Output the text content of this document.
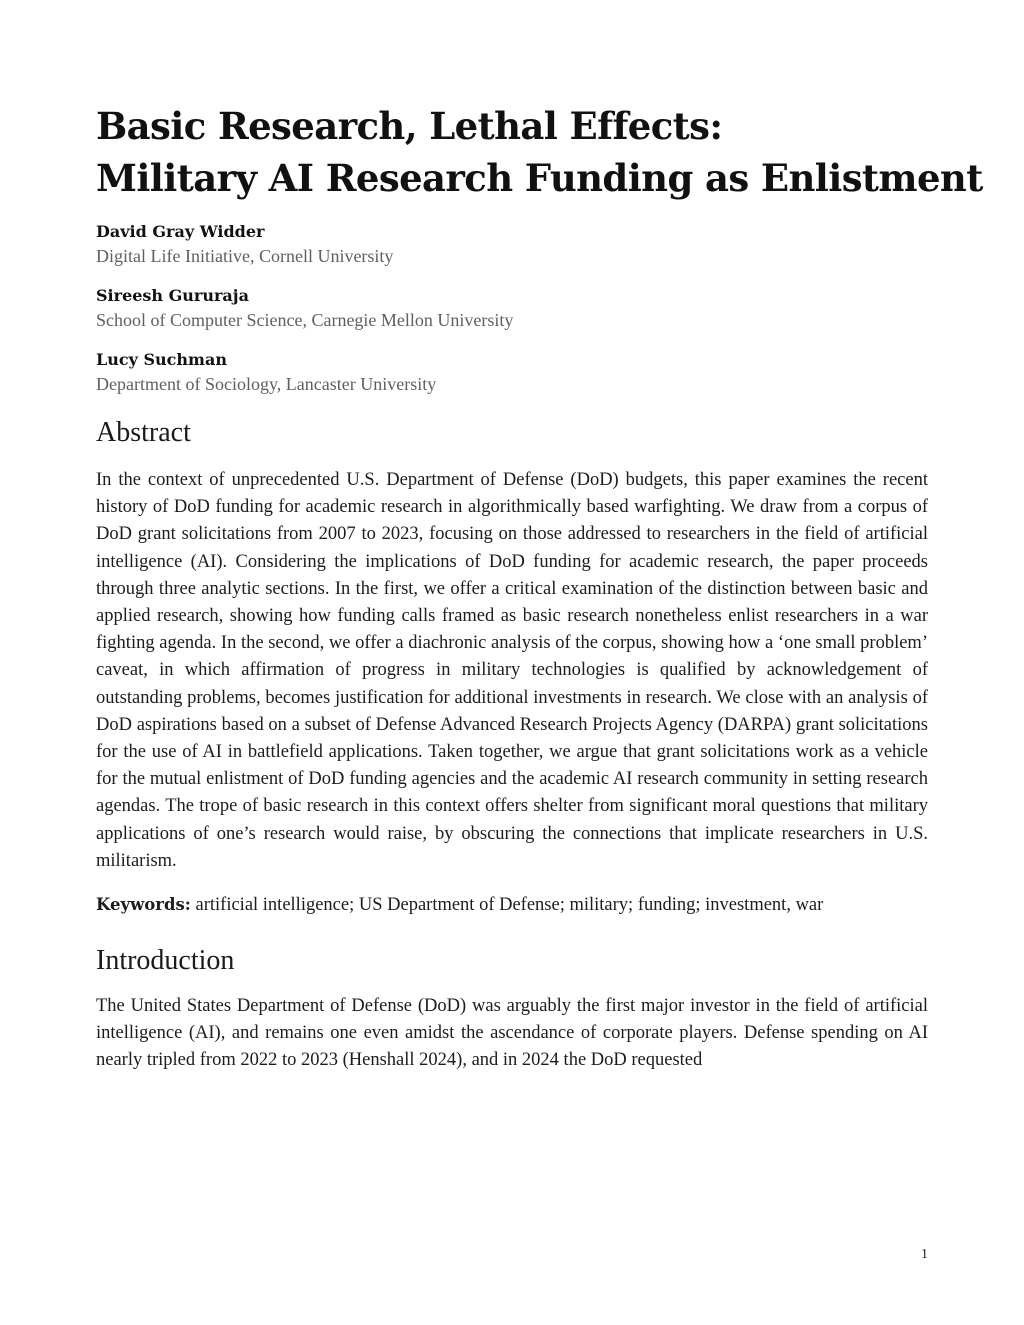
Basic Research, Lethal Effects:
Military AI Research Funding as Enlistment
David Gray Widder
Digital Life Initiative, Cornell University
Sireesh Gururaja
School of Computer Science, Carnegie Mellon University
Lucy Suchman
Department of Sociology, Lancaster University
Abstract

In the context of unprecedented U.S. Department of Defense (DoD) budgets, this paper examines the recent history of DoD funding for academic research in algorithmically based warfighting. We draw from a corpus of DoD grant solicitations from 2007 to 2023, focusing on those addressed to researchers in the field of artificial intelligence (AI). Considering the implications of DoD funding for academic research, the paper proceeds through three analytic sections. In the first, we offer a critical examination of the distinction between basic and applied research, showing how funding calls framed as basic research nonetheless enlist researchers in a war fighting agenda. In the second, we offer a diachronic analysis of the corpus, showing how a ‘one small problem’ caveat, in which affirmation of progress in military technologies is qualified by acknowledgement of outstanding problems, becomes justification for additional investments in research. We close with an analysis of DoD aspirations based on a subset of Defense Advanced Research Projects Agency (DARPA) grant solicitations for the use of AI in battlefield applications. Taken together, we argue that grant solicitations work as a vehicle for the mutual enlistment of DoD funding agencies and the academic AI research community in setting research agendas. The trope of basic research in this context offers shelter from significant moral questions that military applications of one’s research would raise, by obscuring the connections that implicate researchers in U.S. militarism.

Keywords: artificial intelligence; US Department of Defense; military; funding; investment, war
Introduction

The United States Department of Defense (DoD) was arguably the first major investor in the field of artificial intelligence (AI), and remains one even amidst the ascendance of corporate players. Defense spending on AI nearly tripled from 2022 to 2023 (Henshall 2024), and in 2024 the DoD requested

1
